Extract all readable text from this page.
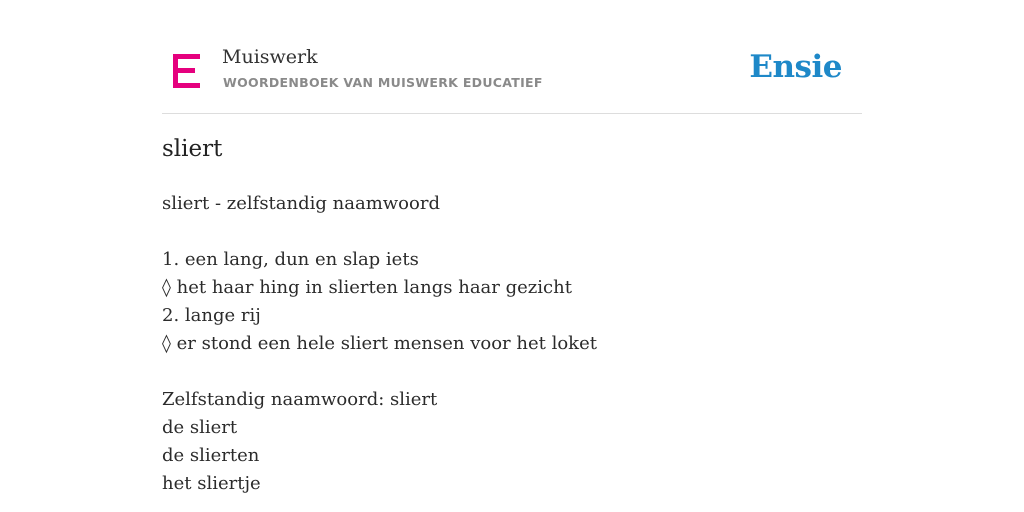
Muiswerk
WOORDENBOEK VAN MUISWERK EDUCATIEF	Ensie
sliert
sliert - zelfstandig naamwoord
1. een lang, dun en slap iets
◊ het haar hing in slierten langs haar gezicht
2. lange rij
◊ er stond een hele sliert mensen voor het loket
Zelfstandig naamwoord: sliert
de sliert
de slierten
het sliertje
